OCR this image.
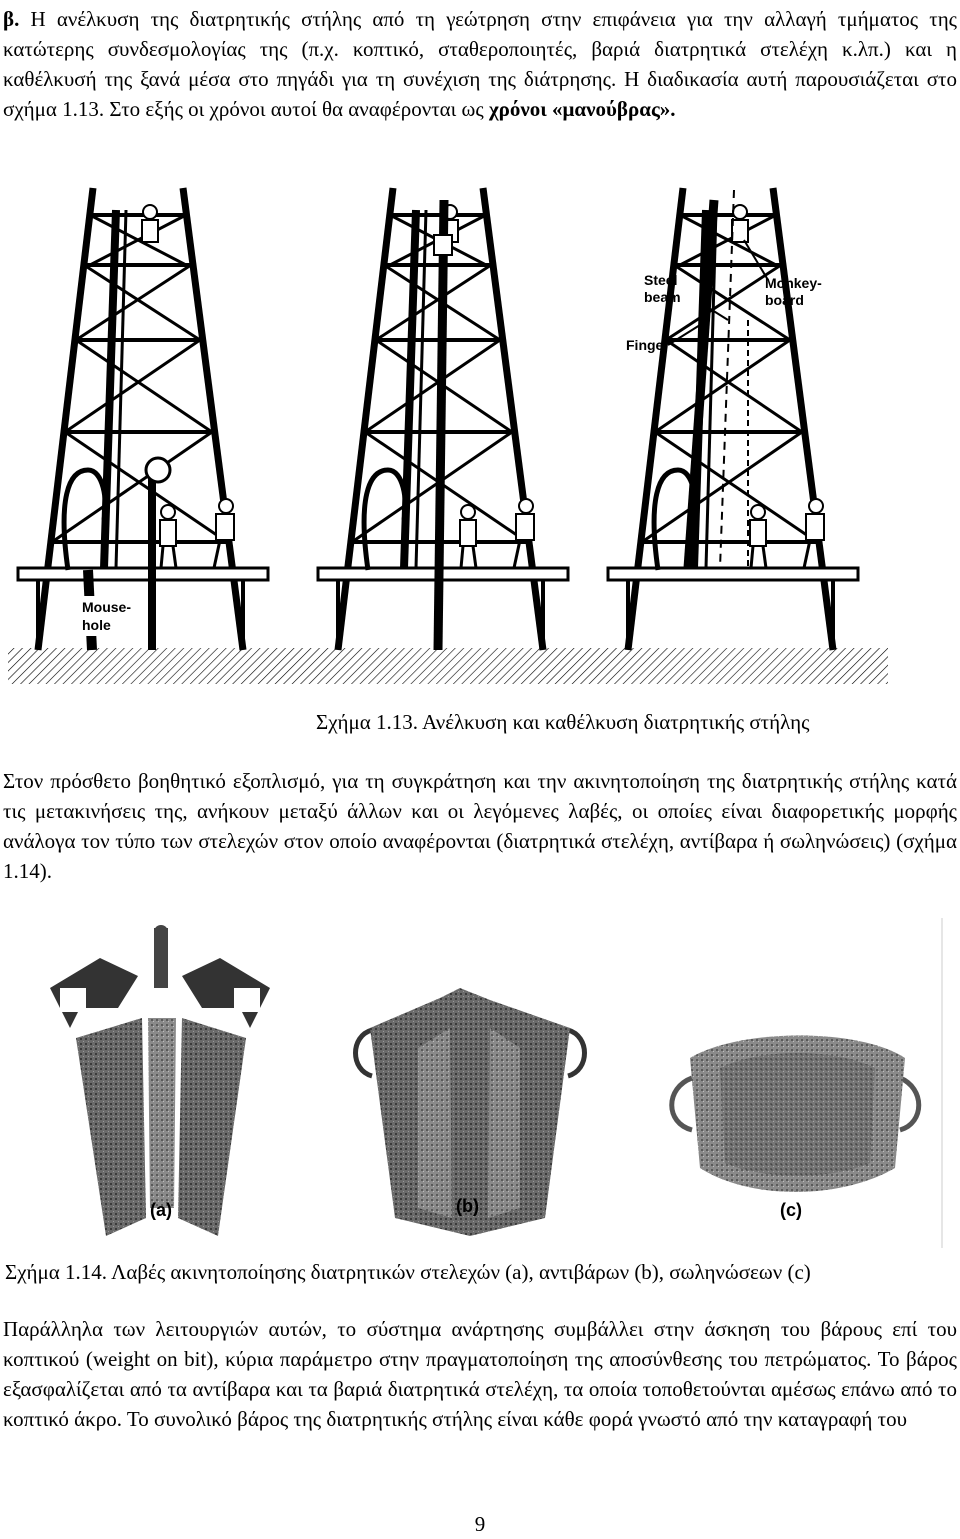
β. Η ανέλκυση της διατρητικής στήλης από τη γεώτρηση στην επιφάνεια για την αλλαγή τμήματος της κατώτερης συνδεσμολογίας της (π.χ. κοπτικό, σταθεροποιητές, βαριά διατρητικά στελέχη κ.λπ.) και η καθέλκυσή της ξανά μέσα στο πηγάδι για τη συνέχιση της διάτρησης. Η διαδικασία αυτή παρουσιάζεται στο σχήμα 1.13. Στο εξής οι χρόνοι αυτοί θα αναφέρονται ως χρόνοι «μανούβρας».
Steel
beam
Monkey-
board
Finger
Mouse-
hole
Σχήμα 1.13. Ανέλκυση και καθέλκυση διατρητικής στήλης
Στον πρόσθετο βοηθητικό εξοπλισμό, για τη συγκράτηση και την ακινητοποίηση της διατρητικής στήλης κατά τις μετακινήσεις της, ανήκουν μεταξύ άλλων και οι λεγόμενες λαβές, οι οποίες είναι διαφορετικής μορφής ανάλογα τον τύπο των στελεχών στον οποίο αναφέρονται (διατρητικά στελέχη, αντίβαρα ή σωληνώσεις) (σχήμα 1.14).
(a)	(b)	(c)
Σχήμα 1.14. Λαβές ακινητοποίησης διατρητικών στελεχών (a), αντιβάρων (b), σωληνώσεων (c)
Παράλληλα των λειτουργιών αυτών, το σύστημα ανάρτησης συμβάλλει στην άσκηση του βάρους επί του κοπτικού (weight on bit), κύρια παράμετρο στην πραγματοποίηση της αποσύνθεσης του πετρώματος. Το βάρος εξασφαλίζεται από τα αντίβαρα και τα βαριά διατρητικά στελέχη, τα οποία τοποθετούνται αμέσως επάνω από το κοπτικό άκρο. Το συνολικό βάρος της διατρητικής στήλης είναι κάθε φορά γνωστό από την καταγραφή του
9
